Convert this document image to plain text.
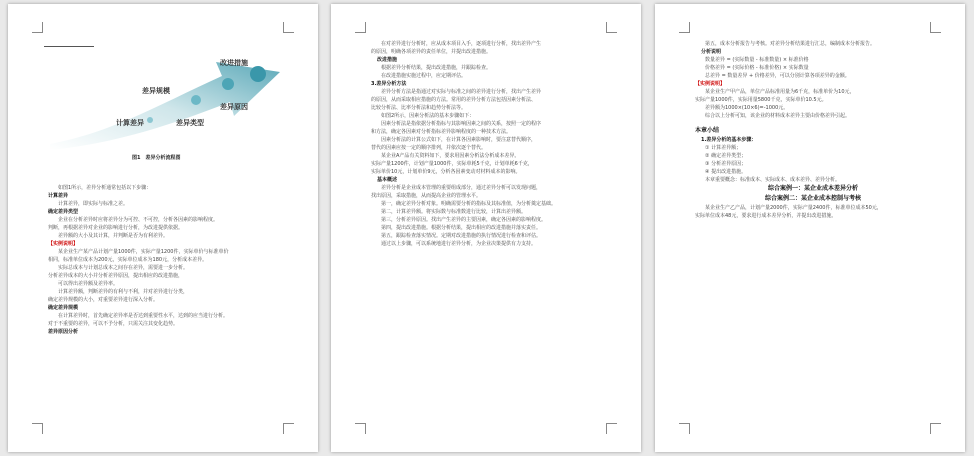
改进措施
差异规模
差异原因
计算差异	差异类型
图1　差异分析流程图
如图1所示，差异分析通常包括以下步骤：
计算差异
计算差异，即实际与标准之差。
确定差异类型
企业在分析差异时应将差异分为可控、不可控，分析各因素的影响程度。
判断，再根据差异对企业的影响进行分析，为改进提供依据。
差异额的大小及其计算，并判断是否为有利差异。
【实例说明】
某企业生产某产品计划产量1000件，实际产量1200件，实际单价与标准单价
相同，标准单位成本为200元，实际单位成本为180元，分析成本差异。
实际总成本与计划总成本之间存在差异，需要进一步分析。
分析差异成本的大小并分析差异原因，提出相应的改进措施，
可以得出差异额及差异率。
计算差异额，判断差异的有利与不利，并对差异进行分类，
确定差异规模的大小，对重要差异进行深入分析。
确定差异规模
在计算差异时，首先确定差异率是否达到重要性水平，达到的应当进行分析。
对于不重要的差异，可以不予分析，只需关注其变化趋势。
差异原因分析
在对差异进行分析时，应从成本项目入手，逐项进行分析，找出差异产生
的原因，明确各项差异的责任单位，并提出改进措施。
改进措施
根据差异分析结果，提出改进措施，并跟踪检查。
在改进措施实施过程中，应定期评估。
3.差异分析方法
差异分析方法是指通过对实际与标准之间的差异进行分析，找出产生差异
的原因，从而采取相应措施的方法。常用的差异分析方法包括因素分析法、
比较分析法、比率分析法和趋势分析法等。
如图2所示，因素分析法的基本步骤如下：
因素分析法是指依据分析指标与其影响因素之间的关系，按照一定的程序
和方法，确定各因素对分析指标差异影响程度的一种技术方法。
因素分析法的计算公式如下，在计算各因素影响时，要注意替代顺序，
替代的因素应按一定的顺序排列，并依次逐个替代。
某企业A产品有关资料如下，要求用因素分析法分析成本差异。
实际产量1200件，计划产量1000件，实际单耗5千克，计划单耗6千克，
实际单价10元，计划单价9元，分析各因素变动对材料成本的影响。
基本概述
差异分析是企业成本管理的重要组成部分，通过差异分析可以发现问题，
找出原因，采取措施，从而提高企业的管理水平。
第一，确定差异分析对象。明确需要分析的指标及其标准值，为分析奠定基础。
第二，计算差异额。将实际数与标准数进行比较，计算出差异额。
第三，分析差异原因。找出产生差异的主要因素，确定各因素的影响程度。
第四，提出改进措施。根据分析结果，提出相应的改进措施并落实责任。
第五，跟踪检查落实情况。定期对改进措施的执行情况进行检查和评估。
通过以上步骤，可以系统地进行差异分析，为企业决策提供有力支持。
第五，成本分析报告与考核。对差异分析结果进行汇总，编制成本分析报告。
分析说明
数量差异 = (实际数量 - 标准数量) × 标准价格
价格差异 = (实际价格 - 标准价格) × 实际数量
总差异 = 数量差异 + 价格差异，可以分别计算各项差异的金额。
【实例说明】
某企业生产甲产品，单位产品标准用量为6千克，标准单价为10元，
实际产量1000件，实际用量5800千克，实际单价10.5元。
差异额为1000×(10×6)=-1000元。
综合以上分析可知，该企业的材料成本差异主要由价格差异引起。
本章小结
1.差异分析的基本步骤：
① 计算差异额；
② 确定差异类型；
③ 分析差异原因；
④ 提出改进措施。
本章重要概念：标准成本、实际成本、成本差异、差异分析。
综合案例一：某企业成本差异分析
综合案例二：某企业成本控制与考核
某企业生产乙产品，计划产量2000件，实际产量2400件，标准单位成本50元，
实际单位成本48元，要求进行成本差异分析，并提出改进措施。
